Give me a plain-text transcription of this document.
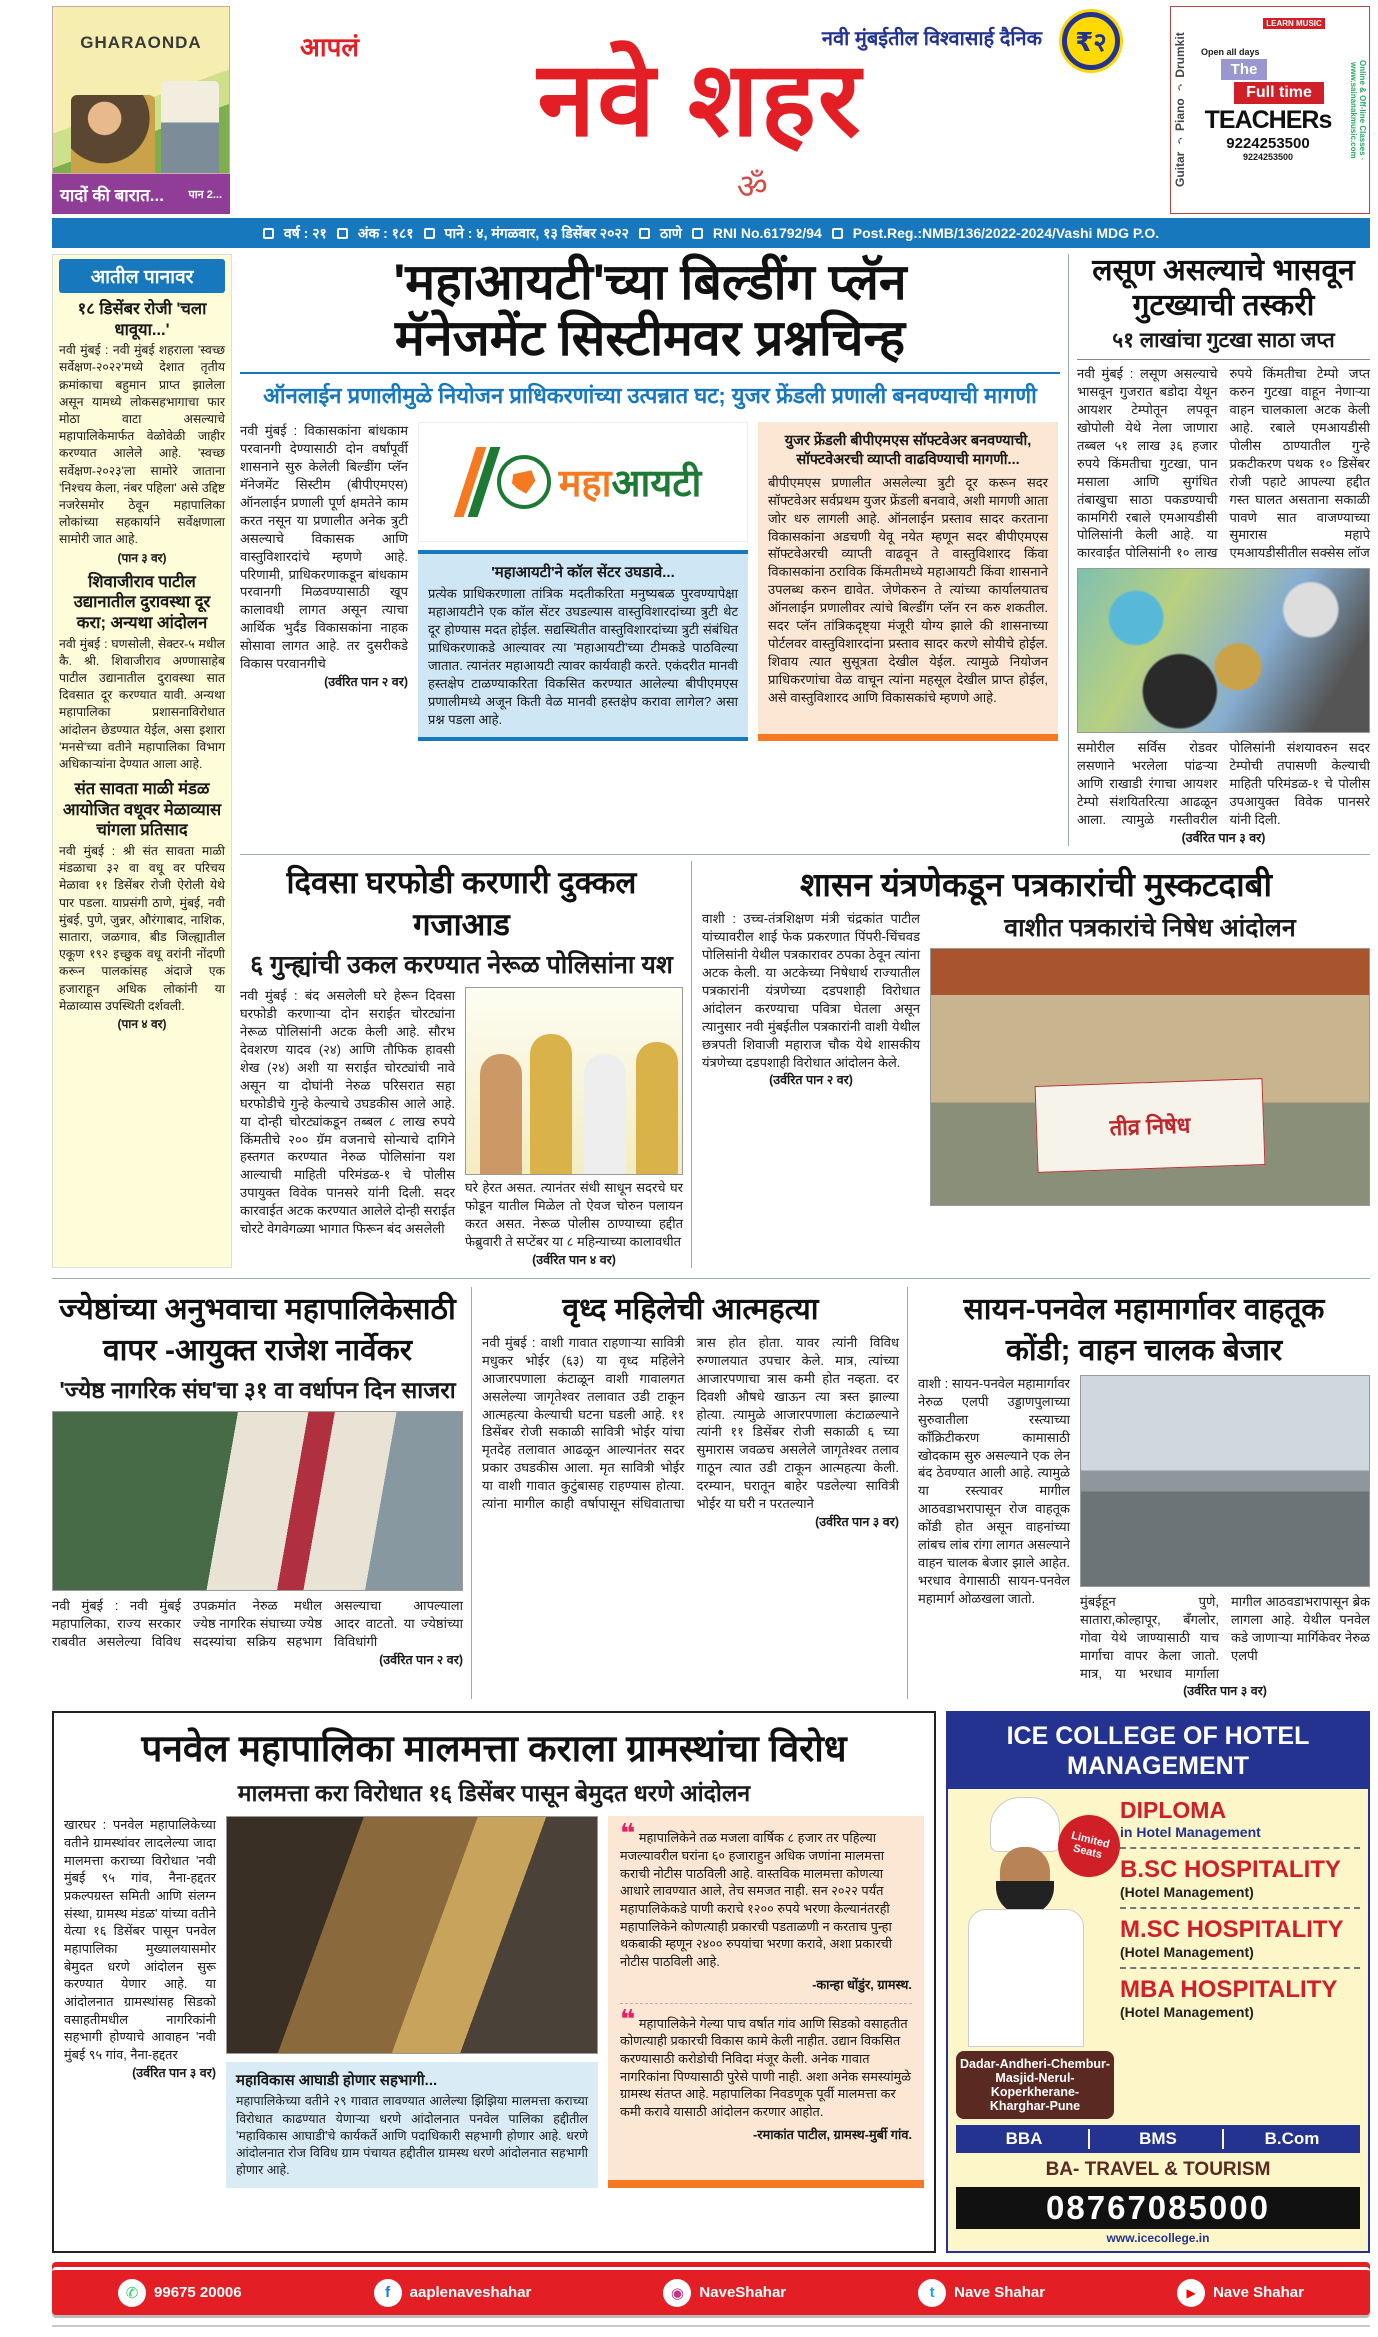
GHARAONDA
यादों की बारात... पान 2...
आपलं	नवी मुंबईतील विश्वासार्ह दैनिक	₹२
नवे शहर
ॐ	Guitar ♪ Piano ♪ Drumkit
LEARN MUSIC
Open all days
The
Full time
TEACHERs
9224253500
9224253500	Online & Off-line Classes · www.sainanakmusic.com
वर्ष : २१ अंक : १८१ पाने : ४, मंगळवार, १३ डिसेंबर २०२२ ठाणे RNI No.61792/94 Post.Reg.:NMB/136/2022-2024/Vashi MDG P.O.
आतील पानावर
१८ डिसेंबर रोजी 'चला धावूया...'
नवी मुंबई : नवी मुंबई शहराला 'स्वच्छ सर्वेक्षण-२०२२'मध्ये देशात तृतीय क्रमांकाचा बहुमान प्राप्त झालेला असून यामध्ये लोकसहभागाचा फार मोठा वाटा असल्याचे महापालिकेमार्फत वेळोवेळी जाहीर करण्यात आलेले आहे. 'स्वच्छ सर्वेक्षण-२०२३'ला सामोरे जाताना 'निश्चय केला, नंबर पहिला' असे उद्दिष्ट नजरेसमोर ठेवून महापालिका लोकांच्या सहकार्याने सर्वेक्षणाला सामोरी जात आहे.
(पान ३ वर)
शिवाजीराव पाटील उद्यानातील दुरावस्था दूर करा; अन्यथा आंदोलन
नवी मुंबई : घणसोली, सेक्टर-५ मधील कै. श्री. शिवाजीराव अण्णासाहेब पाटील उद्यानातील दुरावस्था सात दिवसात दूर करण्यात यावी. अन्यथा महापालिका प्रशासनाविरोधात आंदोलन छेडण्यात येईल, असा इशारा 'मनसे'च्या वतीने महापालिका विभाग अधिकाऱ्यांना देण्यात आला आहे.
संत सावता माळी मंडळ आयोजित वधूवर मेळाव्यास चांगला प्रतिसाद
नवी मुंबई : श्री संत सावता माळी मंडळाचा ३२ वा वधू वर परिचय मेळावा ११ डिसेंबर रोजी ऐरोली येथे पार पडला. याप्रसंगी ठाणे, मुंबई, नवी मुंबई, पुणे, जुन्नर, औरंगाबाद, नाशिक, सातारा, जळगाव, बीड जिल्ह्यातील एकूण १९२ इच्छुक वधू वरांनी नोंदणी करून पालकांसह अंदाजे एक हजाराहून अधिक लोकांनी या मेळाव्यास उपस्थिती दर्शवली.
(पान ४ वर)
'महाआयटी'च्या बिल्डींग प्लॅन
मॅनेजमेंट सिस्टीमवर प्रश्नचिन्ह
ऑनलाईन प्रणालीमुळे नियोजन प्राधिकरणांच्या उत्पन्नात घट; युजर फ्रेंडली प्रणाली बनवण्याची मागणी
नवी मुंबई : विकासकांना बांधकाम परवानगी देण्यासाठी दोन वर्षांपूर्वी शासनाने सुरु केलेली बिल्डींग प्लॅन मॅनेजमेंट सिस्टीम (बीपीएमएस) ऑनलाईन प्रणाली पूर्ण क्षमतेने काम करत नसून या प्रणालीत अनेक त्रुटी असल्याचे विकासक आणि वास्तुविशारदांचे म्हणणे आहे. परिणामी, प्राधिकरणाकडून बांधकाम परवानगी मिळवण्यासाठी खूप कालावधी लागत असून त्याचा आर्थिक भुर्दंड विकासकांना नाहक सोसावा लागत आहे. तर दुसरीकडे विकास परवानगीचे
(उर्वरित पान २ वर)
महाआयटी
'महाआयटी'ने कॉल सेंटर उघडावे...
प्रत्येक प्राधिकरणाला तांत्रिक मदतीकरिता मनुष्यबळ पुरवण्यापेक्षा महाआयटीने एक कॉल सेंटर उघडल्यास वास्तुविशारदांच्या त्रुटी थेट दूर होण्यास मदत होईल. सद्यस्थितीत वास्तुविशारदांच्या त्रुटी संबंधित प्राधिकरणाकडे आल्यावर त्या 'महाआयटी'च्या टीमकडे पाठविल्या जातात. त्यानंतर महाआयटी त्यावर कार्यवाही करते. एकंदरीत मानवी हस्तक्षेप टाळण्याकरिता विकसित करण्यात आलेल्या बीपीएमएस प्रणालीमध्ये अजून किती वेळ मानवी हस्तक्षेप करावा लागेल? असा प्रश्न पडला आहे.
युजर फ्रेंडली बीपीएमएस सॉफ्टवेअर बनवण्याची,
सॉफ्टवेअरची व्याप्ती वाढविण्याची मागणी...
बीपीएमएस प्रणालीत असलेल्या त्रुटी दूर करून सदर सॉफ्टवेअर सर्वप्रथम युजर फ्रेंडली बनवावे, अशी मागणी आता जोर धरु लागली आहे. ऑनलाईन प्रस्ताव सादर करताना विकासकांना अडचणी येवू नयेत म्हणून सदर बीपीएमएस सॉफ्टवेअरची व्याप्ती वाढवून ते वास्तुविशारद किंवा विकासकांना ठराविक किंमतीमध्ये महाआयटी किंवा शासनाने उपलब्ध करुन द्यावेत. जेणेकरुन ते त्यांच्या कार्यालयातच ऑनलाईन प्रणालीवर त्यांचे बिल्डींग प्लॅन रन करु शकतील. सदर प्लॅन तांत्रिकदृष्ट्या मंजूरी योग्य झाले की शासनाच्या पोर्टलवर वास्तुविशारदांना प्रस्ताव सादर करणे सोयीचे होईल. शिवाय त्यात सुसूत्रता देखील येईल. त्यामुळे नियोजन प्राधिकरणांचा वेळ वाचून त्यांना महसूल देखील प्राप्त होईल, असे वास्तुविशारद आणि विकासकांचे म्हणणे आहे.
लसूण असल्याचे भासवून
गुटख्याची तस्करी
५१ लाखांचा गुटखा साठा जप्त
नवी मुंबई : लसूण असल्याचे भासवून गुजरात बडोदा येथून आयशर टेम्पोतून लपवून खोपोली येथे नेला जाणारा तब्बल ५१ लाख ३६ हजार रुपये किंमतीचा गुटखा, पान मसाला आणि सुगंधित तंबाखुचा साठा पकडण्याची कामगिरी रबाले एमआयडीसी पोलिसांनी केली आहे. या कारवाईत पोलिसांनी १० लाख रुपये किंमतीचा टेम्पो जप्त करुन गुटखा वाहून नेणाऱ्या वाहन चालकाला अटक केली आहे. रबाले एमआयडीसी पोलीस ठाण्यातील गुन्हे प्रकटीकरण पथक १० डिसेंबर रोजी पहाटे आपल्या हद्दीत गस्त घालत असताना सकाळी पावणे सात वाजण्याच्या सुमारास महापे एमआयडीसीतील सक्सेस लॉज
समोरील सर्विस रोडवर लसणाने भरलेला पांढऱ्या आणि राखाडी रंगाचा आयशर टेम्पो संशयितरित्या आढळून आला. त्यामुळे गस्तीवरील पोलिसांनी संशयावरुन सदर टेम्पोची तपासणी केल्याची माहिती परिमंडळ-१ चे पोलीस उपआयुक्त विवेक पानसरे यांनी दिली.
(उर्वरित पान ३ वर)
दिवसा घरफोडी करणारी दुक्कल गजाआड
६ गुन्ह्यांची उकल करण्यात नेरूळ पोलिसांना यश
नवी मुंबई : बंद असलेली घरे हेरून दिवसा घरफोडी करणाऱ्या दोन सराईत चोरट्यांना नेरूळ पोलिसांनी अटक केली आहे. सौरभ देवशरण यादव (२४) आणि तौफिक हावसी शेख (२४) अशी या सराईत चोरट्यांची नावे असून या दोघांनी नेरुळ परिसरात सहा घरफोडीचे गुन्हे केल्याचे उघडकीस आले आहे. या दोन्ही चोरट्यांकडून तब्बल ८ लाख रुपये किंमतीचे २०० ग्रॅम वजनाचे सोन्याचे दागिने हस्तगत करण्यात नेरुळ पोलिसांना यश आल्याची माहिती परिमंडळ-१ चे पोलीस उपायुक्त विवेक पानसरे यांनी दिली. सदर कारवाईत अटक करण्यात आलेले दोन्ही सराईत चोरटे वेगवेगळ्या भागात फिरून बंद असलेली
घरे हेरत असत. त्यानंतर संधी साधून सदरचे घर फोडून यातील मिळेल तो ऐवज चोरुन पलायन करत असत. नेरूळ पोलीस ठाण्याच्या हद्दीत फेब्रुवारी ते सप्टेंबर या ८ महिन्याच्या कालावधीत
(उर्वरित पान ४ वर)
शासन यंत्रणेकडून पत्रकारांची मुस्कटदाबी
वाशी : उच्च-तंत्रशिक्षण मंत्री चंद्रकांत पाटील यांच्यावरील शाई फेक प्रकरणात पिंपरी-चिंचवड पोलिसांनी येथील पत्रकारावर ठपका ठेवून त्यांना अटक केली. या अटकेच्या निषेधार्थ राज्यातील पत्रकारांनी यंत्रणेच्या दडपशाही विरोधात आंदोलन करण्याचा पवित्रा घेतला असून त्यानुसार नवी मुंबईतील पत्रकारांनी वाशी येथील छत्रपती शिवाजी महाराज चौक येथे शासकीय यंत्रणेच्या दडपशाही विरोधात आंदोलन केले.
(उर्वरित पान २ वर)
वाशीत पत्रकारांचे निषेध आंदोलन
तीव्र निषेध
ज्येष्ठांच्या अनुभवाचा महापालिकेसाठी
वापर -आयुक्त राजेश नार्वेकर
'ज्येष्ठ नागरिक संघ'चा ३१ वा वर्धापन दिन साजरा
नवी मुंबई : नवी मुंबई महापालिका, राज्य सरकार राबवीत असलेल्या विविध उपक्रमांत नेरुळ मधील ज्येष्ठ नागरिक संघाच्या ज्येष्ठ सदस्यांचा सक्रिय सहभाग असल्याचा आपल्याला आदर वाटतो. या ज्येष्ठांच्या विविधांगी
(उर्वरित पान २ वर)
वृध्द महिलेची आत्महत्या
नवी मुंबई : वाशी गावात राहणाऱ्या सावित्री मधुकर भोईर (६३) या वृध्द महिलेने आजारपणाला कंटाळून वाशी गावालगत असलेल्या जागृतेश्वर तलावात उडी टाकून आत्महत्या केल्याची घटना घडली आहे. ११ डिसेंबर रोजी सकाळी सावित्री भोईर यांचा मृतदेह तलावात आढळून आल्यानंतर सदर प्रकार उघडकीस आला. मृत सावित्री भोईर या वाशी गावात कुटुंबासह राहण्यास होत्या. त्यांना मागील काही वर्षापासून संधिवाताचा त्रास होत होता. यावर त्यांनी विविध रुग्णालयात उपचार केले. मात्र, त्यांच्या आजारपणाचा त्रास कमी होत नव्हता. दर दिवशी औषधे खाऊन त्या त्रस्त झाल्या होत्या. त्यामुळे आजारपणाला कंटाळल्याने त्यांनी ११ डिसेंबर रोजी सकाळी ६ च्या सुमारास जवळच असलेले जागृतेश्वर तलाव गाठून त्यात उडी टाकून आत्महत्या केली. दरम्यान, घरातून बाहेर पडलेल्या सावित्री भोईर या घरी न परतल्याने
(उर्वरित पान ३ वर)
सायन-पनवेल महामार्गावर वाहतूक
कोंडी; वाहन चालक बेजार
वाशी : सायन-पनवेल महामार्गावर नेरुळ एलपी उड्डाणपुलाच्या सुरुवातीला रस्त्याच्या कॉंक्रिटीकरण कामासाठी खोदकाम सुरु असल्याने एक लेन बंद ठेवण्यात आली आहे. त्यामुळे या रस्त्यावर मागील आठवडाभरापासून रोज वाहतूक कोंडी होत असून वाहनांच्या लांबच लांब रांगा लागत असल्याने वाहन चालक बेजार झाले आहेत. भरधाव वेगासाठी सायन-पनवेल महामार्ग ओळखला जातो.	मुंबईहून पुणे, सातारा,कोल्हापूर, बँगलोर, गोवा येथे जाण्यासाठी याच मार्गाचा वापर केला जातो. मात्र, या भरधाव मार्गाला मागील आठवडाभरापासून ब्रेक लागला आहे. येथील पनवेल कडे जाणाऱ्या मार्गिकेवर नेरुळ एलपी
(उर्वरित पान ३ वर)
पनवेल महापालिका मालमत्ता कराला ग्रामस्थांचा विरोध
मालमत्ता करा विरोधात १६ डिसेंबर पासून बेमुदत धरणे आंदोलन
खारघर : पनवेल महापालिकेच्या वतीने ग्रामस्थांवर लादलेल्या जादा मालमत्ता कराच्या विरोधात 'नवी मुंबई ९५ गांव, नैना-हद्दतर प्रकल्पग्रस्त समिती आणि संलग्न संस्था, ग्रामस्थ मंडळ' यांच्या वतीने येत्या १६ डिसेंबर पासून पनवेल महापालिका मुख्यालयासमोर बेमुदत धरणे आंदोलन सुरू करण्यात येणार आहे. या आंदोलनात ग्रामस्थांसह सिडको वसाहतीमधील नागरिकांनी सहभागी होण्याचे आवाहन 'नवी मुंबई ९५ गांव, नैना-हद्दतर
(उर्वरित पान ३ वर) महाविकास आघाडी होणार सहभागी...
महापालिकेच्या वतीने २९ गावात लावण्यात आलेल्या झिझिया मालमत्ता कराच्या विरोधात काढण्यात येणाऱ्या धरणे आंदोलनात पनवेल पालिका हद्दीतील 'महाविकास आघाडी'चे कार्यकर्ते आणि पदाधिकारी सहभागी होणार आहे. धरणे आंदोलनात रोज विविध ग्राम पंचायत हद्दीतील ग्रामस्थ धरणे आंदोलनात सहभागी होणार आहे.
❝ महापालिकेने तळ मजला वार्षिक ८ हजार तर पहिल्या मजल्यावरील घरांना ६० हजाराहुन अधिक जणांना मालमत्ता कराची नोटीस पाठविली आहे. वास्तविक मालमत्ता कोणत्या आधारे लावण्यात आले, तेच समजत नाही. सन २०२२ पर्यंत महापालिकेकडे पाणी कराचे १२०० रुपये भरणा केल्यानंतरही महापालिकेने कोणत्याही प्रकारची पडताळणी न करताच पुन्हा थकबाकी म्हणून २४०० रुपयांचा भरणा करावे, अशा प्रकारची नोटीस पाठविली आहे.
-कान्हा धोंडुंर, ग्रामस्थ.
❝ महापालिकेने गेल्या पाच वर्षात गांव आणि सिडको वसाहतीत कोणत्याही प्रकारची विकास कामे केली नाहीत. उद्यान विकसित करण्यासाठी करोडोची निविदा मंजूर केली. अनेक गावात नागरिकांना पिण्यासाठी पुरेसे पाणी नाही. अशा अनेक समस्यांमुळे ग्रामस्थ संतप्त आहे. महापालिका निवडणूक पूर्वी मालमत्ता कर कमी करावे यासाठी आंदोलन करणार आहोत.
-रमाकांत पाटील, ग्रामस्थ-मुर्बी गांव.
ICE COLLEGE OF HOTEL
MANAGEMENT
Limited Seats
Dadar-Andheri-Chembur- Masjid-Nerul-Koperkherane- Kharghar-Pune
DIPLOMA
in Hotel Management
B.SC HOSPITALITY
(Hotel Management)
M.SC HOSPITALITY
(Hotel Management)
MBA HOSPITALITY
(Hotel Management)
BBA	BMS	B.Com
BA- TRAVEL & TOURISM
08767085000
www.icecollege.in
✆	99675 20006	f	aaplenaveshahar	◉	NaveShahar	t	Nave Shahar	▶	Nave Shahar
